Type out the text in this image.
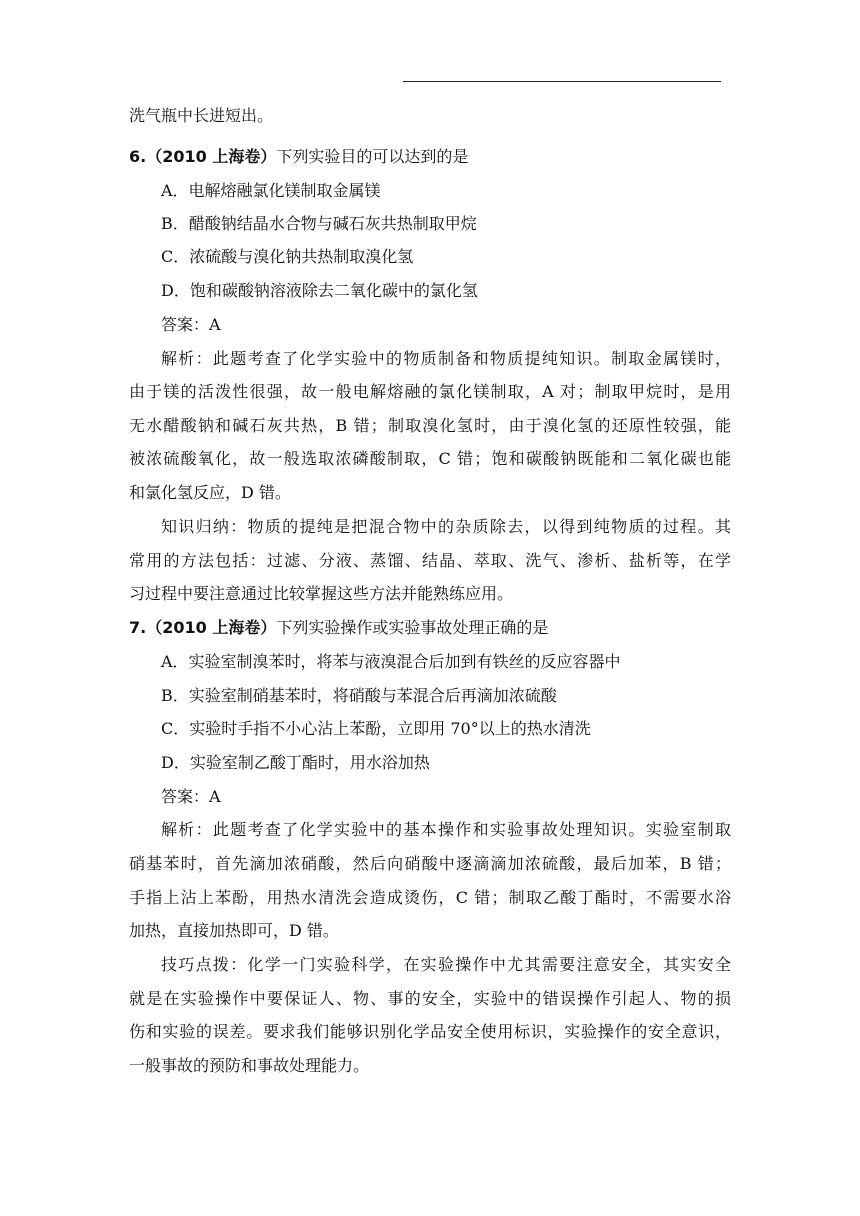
洗气瓶中长进短出。
6.（2010 上海卷）下列实验目的可以达到的是
A．电解熔融氯化镁制取金属镁
B．醋酸钠结晶水合物与碱石灰共热制取甲烷
C．浓硫酸与溴化钠共热制取溴化氢
D．饱和碳酸钠溶液除去二氧化碳中的氯化氢
答案：A
解析：此题考查了化学实验中的物质制备和物质提纯知识。制取金属镁时，
由于镁的活泼性很强，故一般电解熔融的氯化镁制取，A 对；制取甲烷时，是用
无水醋酸钠和碱石灰共热，B 错；制取溴化氢时，由于溴化氢的还原性较强，能
被浓硫酸氧化，故一般选取浓磷酸制取，C 错；饱和碳酸钠既能和二氧化碳也能
和氯化氢反应，D 错。
知识归纳：物质的提纯是把混合物中的杂质除去，以得到纯物质的过程。其
常用的方法包括：过滤、分液、蒸馏、结晶、萃取、洗气、渗析、盐析等，在学
习过程中要注意通过比较掌握这些方法并能熟练应用。
7.（2010 上海卷）下列实验操作或实验事故处理正确的是
A．实验室制溴苯时，将苯与液溴混合后加到有铁丝的反应容器中
B．实验室制硝基苯时，将硝酸与苯混合后再滴加浓硫酸
C．实验时手指不小心沾上苯酚，立即用 70°以上的热水清洗
D．实验室制乙酸丁酯时，用水浴加热
答案：A
解析：此题考查了化学实验中的基本操作和实验事故处理知识。实验室制取
硝基苯时，首先滴加浓硝酸，然后向硝酸中逐滴滴加浓硫酸，最后加苯，B 错；
手指上沾上苯酚，用热水清洗会造成烫伤，C 错；制取乙酸丁酯时，不需要水浴
加热，直接加热即可，D 错。
技巧点拨：化学一门实验科学，在实验操作中尤其需要注意安全，其实安全
就是在实验操作中要保证人、物、事的安全，实验中的错误操作引起人、物的损
伤和实验的误差。要求我们能够识别化学品安全使用标识，实验操作的安全意识，
一般事故的预防和事故处理能力。
